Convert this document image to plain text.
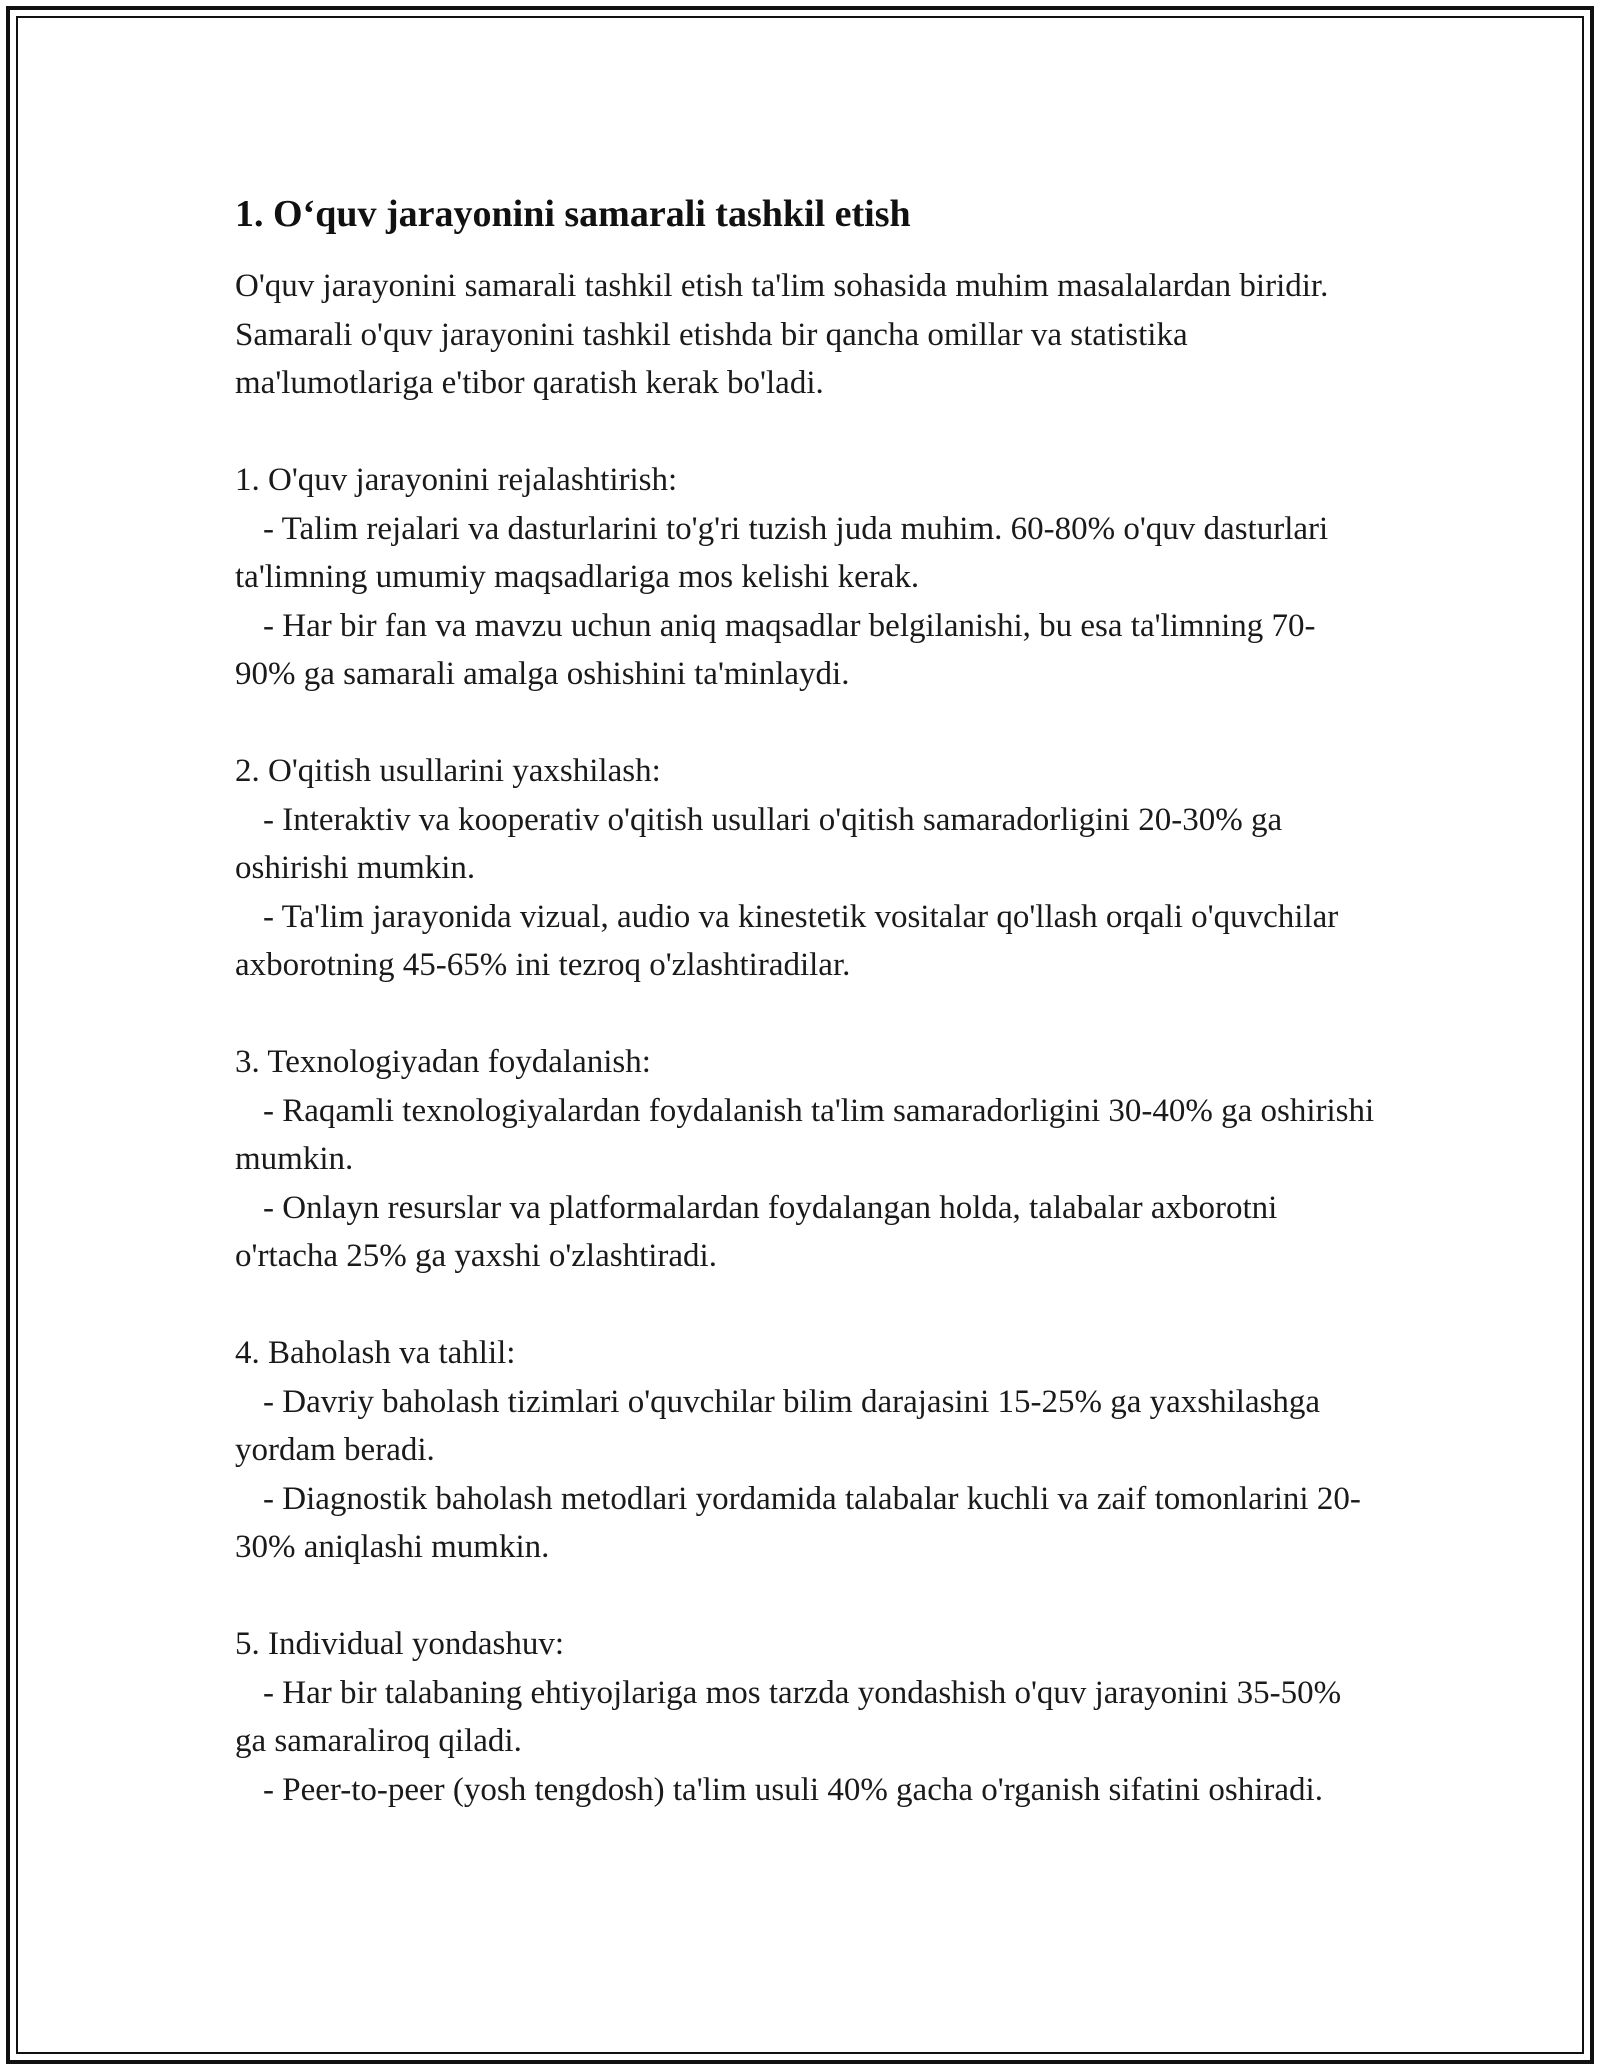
1. O‘quv jarayonini samarali tashkil etish

O'quv jarayonini samarali tashkil etish ta'lim sohasida muhim masalalardan biridir. Samarali o'quv jarayonini tashkil etishda bir qancha omillar va statistika ma'lumotlariga e'tibor qaratish kerak bo'ladi.

1. O'quv jarayonini rejalashtirish:

- Talim rejalari va dasturlarini to'g'ri tuzish juda muhim. 60-80% o'quv dasturlari ta'limning umumiy maqsadlariga mos kelishi kerak.

- Har bir fan va mavzu uchun aniq maqsadlar belgilanishi, bu esa ta'limning 70-90% ga samarali amalga oshishini ta'minlaydi.

2. O'qitish usullarini yaxshilash:

- Interaktiv va kooperativ o'qitish usullari o'qitish samaradorligini 20-30% ga oshirishi mumkin.

- Ta'lim jarayonida vizual, audio va kinestetik vositalar qo'llash orqali o'quvchilar axborotning 45-65% ini tezroq o'zlashtiradilar.

3. Texnologiyadan foydalanish:

- Raqamli texnologiyalardan foydalanish ta'lim samaradorligini 30-40% ga oshirishi mumkin.

- Onlayn resurslar va platformalardan foydalangan holda, talabalar axborotni o'rtacha 25% ga yaxshi o'zlashtiradi.

4. Baholash va tahlil:

- Davriy baholash tizimlari o'quvchilar bilim darajasini 15-25% ga yaxshilashga yordam beradi.

- Diagnostik baholash metodlari yordamida talabalar kuchli va zaif tomonlarini 20-30% aniqlashi mumkin.

5. Individual yondashuv:

- Har bir talabaning ehtiyojlariga mos tarzda yondashish o'quv jarayonini 35-50% ga samaraliroq qiladi.

- Peer-to-peer (yosh tengdosh) ta'lim usuli 40% gacha o'rganish sifatini oshiradi.
